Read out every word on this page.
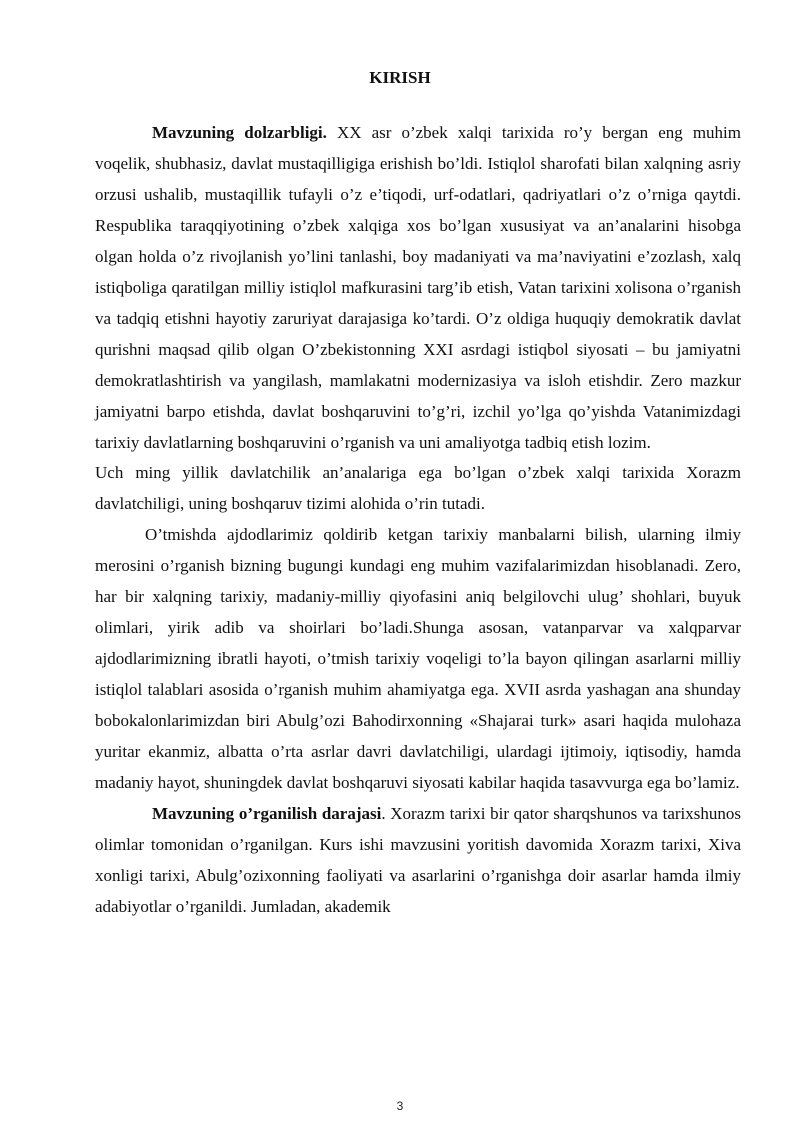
KIRISH

Mavzuning dolzarbligi. XX asr o’zbek xalqi tarixida ro’y bergan eng muhim voqelik, shubhasiz, davlat mustaqilligiga erishish bo’ldi. Istiqlol sharofati bilan xalqning asriy orzusi ushalib, mustaqillik tufayli o’z e’tiqodi, urf-odatlari, qadriyatlari o’z o’rniga qaytdi. Respublika taraqqiyotining o’zbek xalqiga xos bo’lgan xususiyat va an’analarini hisobga olgan holda o’z rivojlanish yo’lini tanlashi, boy madaniyati va ma’naviyatini e’zozlash, xalq istiqboliga qaratilgan milliy istiqlol mafkurasini targ’ib etish, Vatan tarixini xolisona o’rganish va tadqiq etishni hayotiy zaruriyat darajasiga ko’tardi. O’z oldiga huquqiy demokratik davlat qurishni maqsad qilib olgan O’zbekistonning XXI asrdagi istiqbol siyosati – bu jamiyatni demokratlashtirish va yangilash, mamlakatni modernizasiya va isloh etishdir. Zero mazkur jamiyatni barpo etishda, davlat boshqaruvini to’g’ri, izchil yo’lga qo’yishda Vatanimizdagi tarixiy davlatlarning boshqaruvini o’rganish va uni amaliyotga tadbiq etish lozim.

Uch ming yillik davlatchilik an’analariga ega bo’lgan o’zbek xalqi tarixida Xorazm davlatchiligi, uning boshqaruv tizimi alohida o’rin tutadi.

O’tmishda ajdodlarimiz qoldirib ketgan tarixiy manbalarni bilish, ularning ilmiy merosini o’rganish bizning bugungi kundagi eng muhim vazifalarimizdan hisoblanadi. Zero, har bir xalqning tarixiy, madaniy-milliy qiyofasini aniq belgilovchi ulug’ shohlari, buyuk olimlari, yirik adib va shoirlari bo’ladi.Shunga asosan, vatanparvar va xalqparvar ajdodlarimizning ibratli hayoti, o’tmish tarixiy voqeligi to’la bayon qilingan asarlarni milliy istiqlol talablari asosida o’rganish muhim ahamiyatga ega. XVII asrda yashagan ana shunday bobokalonlarimizdan biri Abulg’ozi Bahodirxonning «Shajarai turk» asari haqida mulohaza yuritar ekanmiz, albatta o’rta asrlar davri davlatchiligi, ulardagi ijtimoiy, iqtisodiy, hamda madaniy hayot, shuningdek davlat boshqaruvi siyosati kabilar haqida tasavvurga ega bo’lamiz.

Mavzuning o’rganilish darajasi. Xorazm tarixi bir qator sharqshunos va tarixshunos olimlar tomonidan o’rganilgan. Kurs ishi mavzusini yoritish davomida Xorazm tarixi, Xiva xonligi tarixi, Abulg’ozixonning faoliyati va asarlarini o’rganishga doir asarlar hamda ilmiy adabiyotlar o’rganildi. Jumladan, akademik

3
